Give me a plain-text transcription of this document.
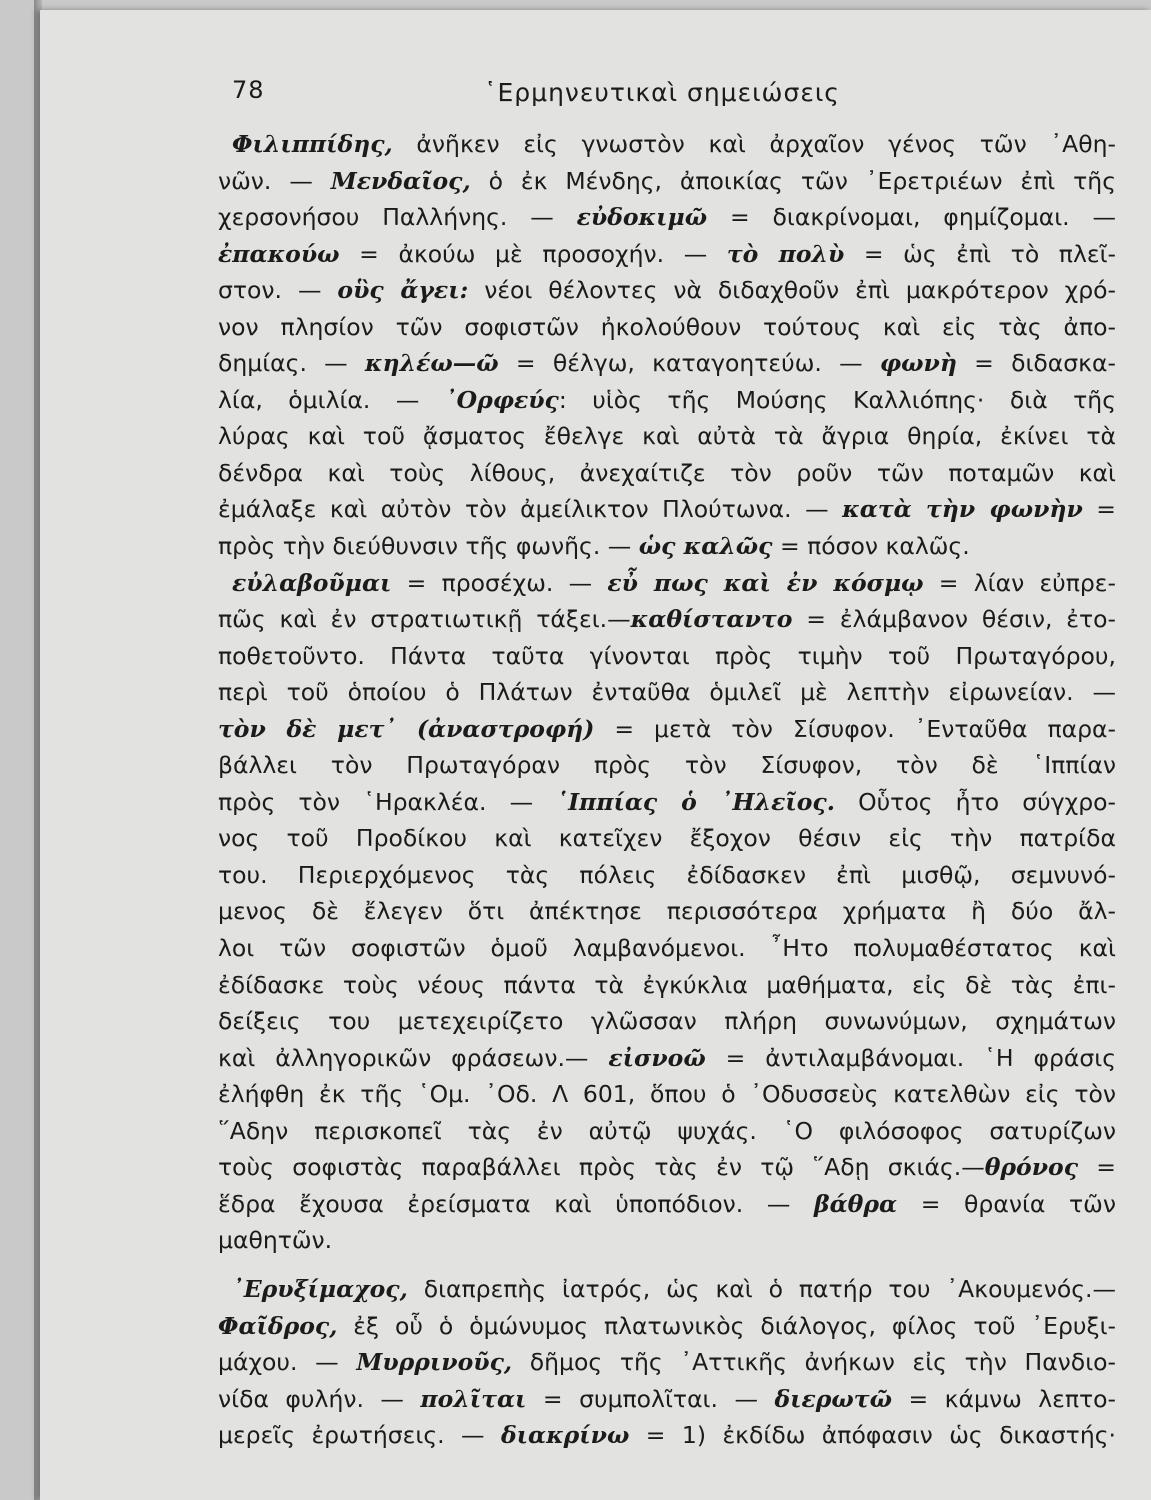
78	῾Ερμηνευτικαὶ σημειώσεις
Φιλιππίδης, ἀνῆκεν εἰς γνωστὸν καὶ ἀρχαῖον γένος τῶν ᾿Αθη-
νῶν. — Μενδαῖος, ὁ ἐκ Μένδης, ἀποικίας τῶν ᾿Ερετριέων ἐπὶ τῆς
χερσονήσου Παλλήνης. — εὐδοκιμῶ = διακρίνομαι, φημίζομαι. —
ἐπακούω = ἀκούω μὲ προσοχήν. — τὸ πολὺ = ὡς ἐπὶ τὸ πλεῖ-
στον. — οὓς ἄγει: νέοι θέλοντες νὰ διδαχθοῦν ἐπὶ μακρότερον χρό-
νον πλησίον τῶν σοφιστῶν ἠκολούθουν τούτους καὶ εἰς τὰς ἀπο-
δημίας. — κηλέω—ῶ = θέλγω, καταγοητεύω. — φωνὴ = διδασκα-
λία, ὁμιλία. — ᾿Ορφεύς: υἱὸς τῆς Μούσης Καλλιόπης· διὰ τῆς
λύρας καὶ τοῦ ᾄσματος ἔθελγε καὶ αὐτὰ τὰ ἄγρια θηρία, ἐκίνει τὰ
δένδρα καὶ τοὺς λίθους, ἀνεχαίτιζε τὸν ροῦν τῶν ποταμῶν καὶ
ἐμάλαξε καὶ αὐτὸν τὸν ἀμείλικτον Πλούτωνα. — κατὰ τὴν φωνὴν =
πρὸς τὴν διεύθυνσιν τῆς φωνῆς. — ὡς καλῶς = πόσον καλῶς.
εὐλαβοῦμαι = προσέχω. — εὖ πως καὶ ἐν κόσμῳ = λίαν εὐπρε-
πῶς καὶ ἐν στρατιωτικῇ τάξει.—καθίσταντο = ἐλάμβανον θέσιν, ἐτο-
ποθετοῦντο. Πάντα ταῦτα γίνονται πρὸς τιμὴν τοῦ Πρωταγόρου,
περὶ τοῦ ὁποίου ὁ Πλάτων ἐνταῦθα ὁμιλεῖ μὲ λεπτὴν εἰρωνείαν. —
τὸν δὲ μετ᾿ (ἀναστροφή) = μετὰ τὸν Σίσυφον. ᾿Ενταῦθα παρα-
βάλλει τὸν Πρωταγόραν πρὸς τὸν Σίσυφον, τὸν δὲ ῾Ιππίαν
πρὸς τὸν ῾Ηρακλέα. — ῾Ιππίας ὁ ᾿Ηλεῖος. Οὗτος ἦτο σύγχρο-
νος τοῦ Προδίκου καὶ κατεῖχεν ἔξοχον θέσιν εἰς τὴν πατρίδα
του. Περιερχόμενος τὰς πόλεις ἐδίδασκεν ἐπὶ μισθῷ, σεμνυνό-
μενος δὲ ἔλεγεν ὅτι ἀπέκτησε περισσότερα χρήματα ἢ δύο ἄλ-
λοι τῶν σοφιστῶν ὁμοῦ λαμβανόμενοι. ῏Ητο πολυμαθέστατος καὶ
ἐδίδασκε τοὺς νέους πάντα τὰ ἐγκύκλια μαθήματα, εἰς δὲ τὰς ἐπι-
δείξεις του μετεχειρίζετο γλῶσσαν πλήρη συνωνύμων, σχημάτων
καὶ ἀλληγορικῶν φράσεων.— εἰσνοῶ = ἀντιλαμβάνομαι. ῾Η φράσις
ἐλήφθη ἐκ τῆς ῾Ομ. ᾿Οδ. Λ 601, ὅπου ὁ ᾿Οδυσσεὺς κατελθὼν εἰς τὸν
῞Αδην περισκοπεῖ τὰς ἐν αὐτῷ ψυχάς. ῾Ο φιλόσοφος σατυρίζων
τοὺς σοφιστὰς παραβάλλει πρὸς τὰς ἐν τῷ ῞Αδῃ σκιάς.—θρόνος =
ἕδρα ἔχουσα ἐρείσματα καὶ ὑποπόδιον. — βάθρα = θρανία τῶν
μαθητῶν.
᾿Ερυξίμαχος, διαπρεπὴς ἰατρός, ὡς καὶ ὁ πατήρ του ᾿Ακουμενός.—
Φαῖδρος, ἐξ οὗ ὁ ὁμώνυμος πλατωνικὸς διάλογος, φίλος τοῦ ᾿Ερυξι-
μάχου. — Μυρρινοῦς, δῆμος τῆς ᾿Αττικῆς ἀνήκων εἰς τὴν Πανδιο-
νίδα φυλήν. — πολῖται = συμπολῖται. — διερωτῶ = κάμνω λεπτο-
μερεῖς ἐρωτήσεις. — διακρίνω = 1) ἐκδίδω ἀπόφασιν ὡς δικαστής·
